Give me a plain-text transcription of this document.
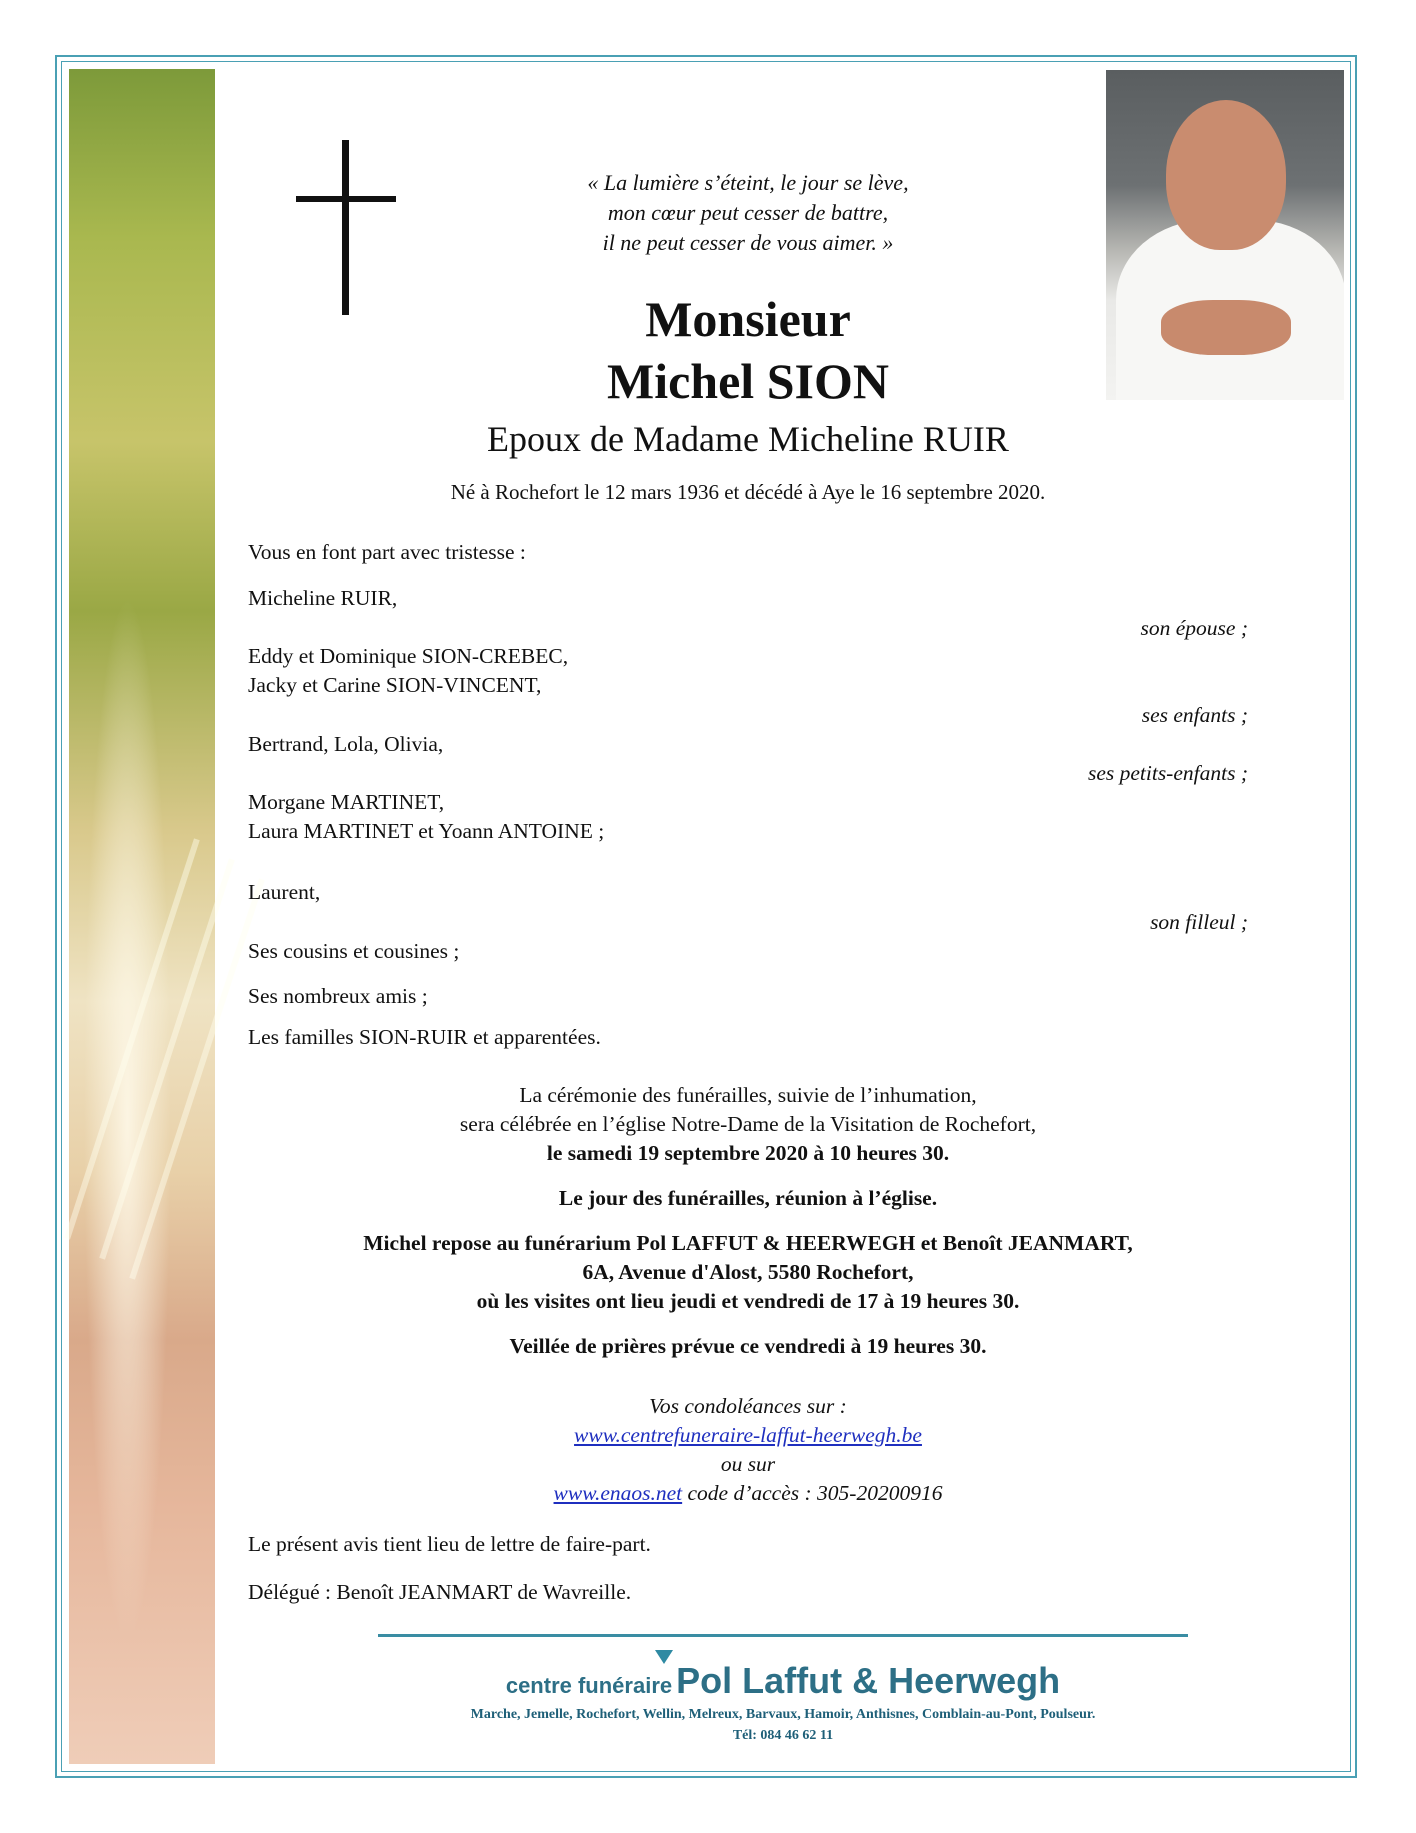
« La lumière s’éteint, le jour se lève,
mon cœur peut cesser de battre,
il ne peut cesser de vous aimer. »
Monsieur
Michel SION
Epoux de Madame Micheline RUIR
Né à Rochefort le 12 mars 1936 et décédé à Aye le 16 septembre 2020.
Vous en font part avec tristesse :
Micheline RUIR,
son épouse ;
Eddy et Dominique SION-CREBEC,
Jacky et Carine SION-VINCENT,
ses enfants ;
Bertrand, Lola, Olivia,
ses petits-enfants ;
Morgane MARTINET,
Laura MARTINET et Yoann ANTOINE ;
Laurent,
son filleul ;
Ses cousins et cousines ;
Ses nombreux amis ;
Les familles SION-RUIR et apparentées.
La cérémonie des funérailles, suivie de l’inhumation,
sera célébrée en l’église Notre-Dame de la Visitation de Rochefort,
le samedi 19 septembre 2020 à 10 heures 30.
Le jour des funérailles, réunion à l’église.
Michel repose au funérarium Pol LAFFUT & HEERWEGH et Benoît JEANMART,
6A, Avenue d'Alost, 5580 Rochefort,
où les visites ont lieu jeudi et vendredi de 17 à 19 heures 30.
Veillée de prières prévue ce vendredi à 19 heures 30.
Vos condoléances sur :
www.centrefuneraire-laffut-heerwegh.be
ou sur
www.enaos.net code d’accès : 305-20200916
Le présent avis tient lieu de lettre de faire-part.
Délégué : Benoît JEANMART de Wavreille.
centre funéraire Pol Laffut & Heerwegh
Marche, Jemelle, Rochefort, Wellin, Melreux, Barvaux, Hamoir, Anthisnes, Comblain-au-Pont, Poulseur.
Tél: 084 46 62 11
